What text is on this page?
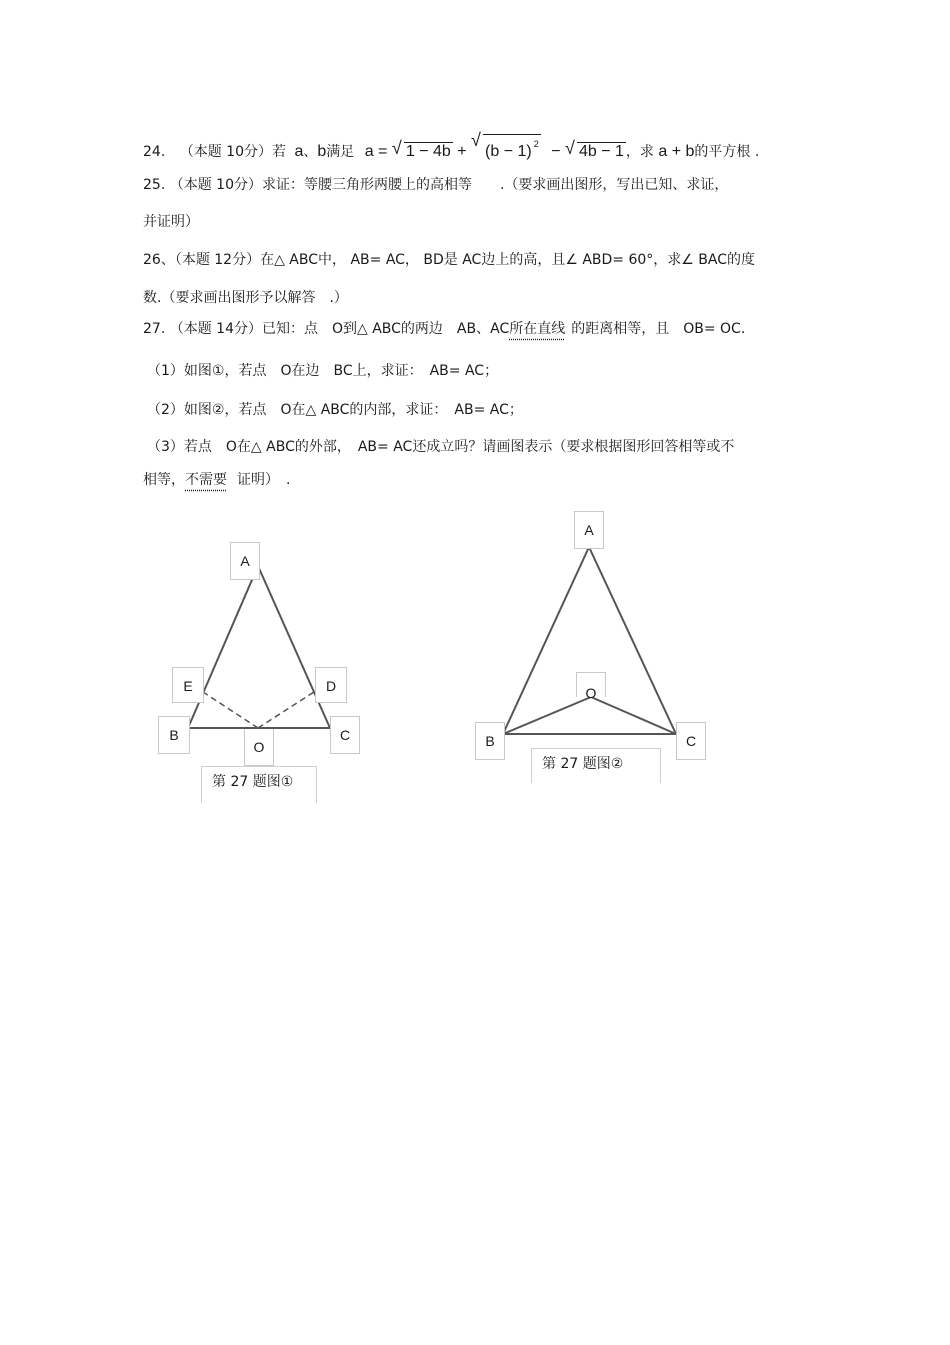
24. （本题 10分）若 a、b满足 a = √ 1 − 4b + √ (b − 1) $^2$ − √ 4b − 1 ，求 a + b的平方根 .
25. （本题 10分）求证：等腰三角形两腰上的高相等　　.（要求画出图形，写出已知、求证，
并证明）
26、（本题 12分）在△ ABC中， AB= AC， BD是 AC边上的高，且∠ ABD= 60°，求∠ BAC的度
数.（要求画出图形予以解答　.）
27. （本题 14分）已知：点　O到△ ABC的两边　AB、AC所在直线 的距离相等，且　OB= OC.
（1）如图①，若点　O在边　BC上，求证：　AB= AC；
（2）如图②，若点　O在△ ABC的内部，求证：　AB= AC；
（3）若点　O在△ ABC的外部，　AB= AC还成立吗？请画图表示（要求根据图形回答相等或不
相等，不需要 证明）　.
A
E	D
B	C
O
第 27 题图①
A
O
B	C
第 27 题图②
